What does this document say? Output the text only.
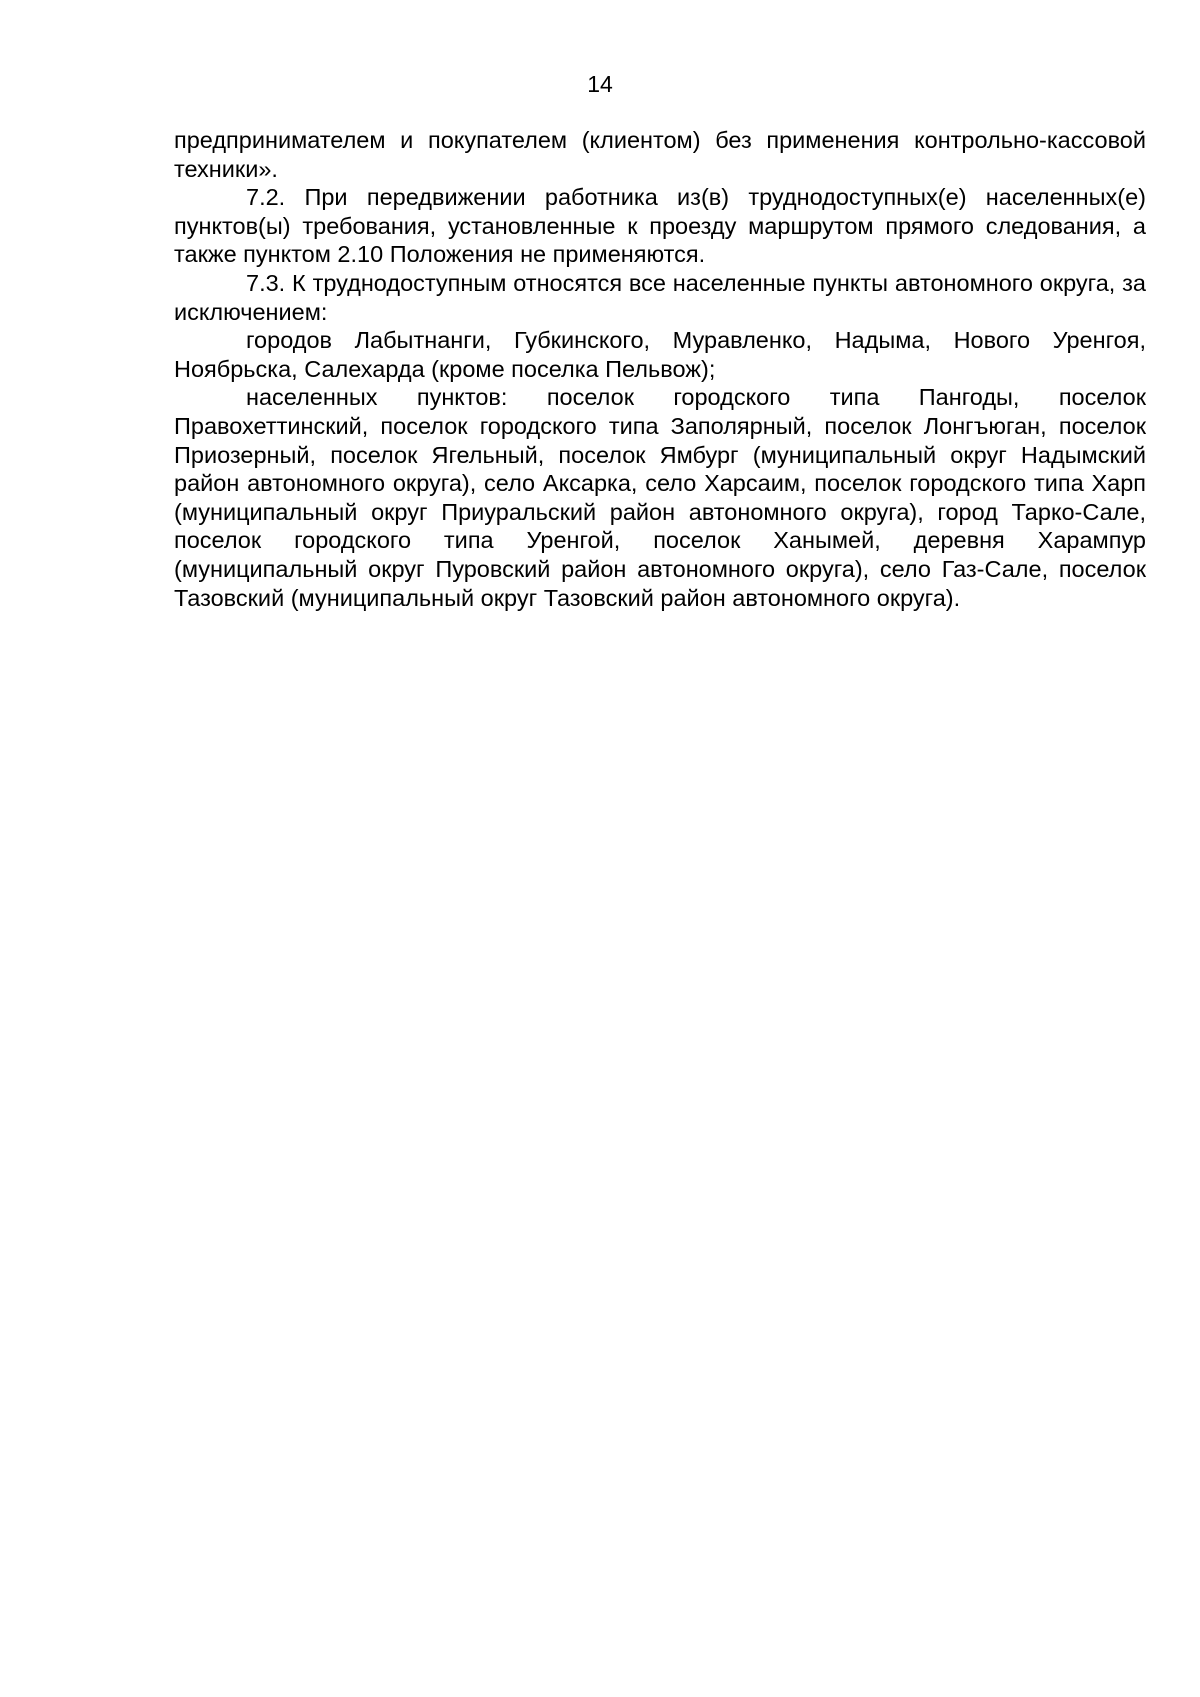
14

предпринимателем и покупателем (клиентом) без применения контрольно-кассовой техники».

7.2. При передвижении работника из(в) труднодоступных(е) населенных(е) пунктов(ы) требования, установленные к проезду маршрутом прямого следования, а также пунктом 2.10 Положения не применяются.

7.3. К труднодоступным относятся все населенные пункты автономного округа, за исключением:

городов Лабытнанги, Губкинского, Муравленко, Надыма, Нового Уренгоя, Ноябрьска, Салехарда (кроме поселка Пельвож);

населенных пунктов: поселок городского типа Пангоды, поселок Правохеттинский, поселок городского типа Заполярный, поселок Лонгъюган, поселок Приозерный, поселок Ягельный, поселок Ямбург (муниципальный округ Надымский район автономного округа), село Аксарка, село Харсаим, поселок городского типа Харп (муниципальный округ Приуральский район автономного округа), город Тарко-Сале, поселок городского типа Уренгой, поселок Ханымей, деревня Харампур (муниципальный округ Пуровский район автономного округа), село Газ-Сале, поселок Тазовский (муниципальный округ Тазовский район автономного округа).
